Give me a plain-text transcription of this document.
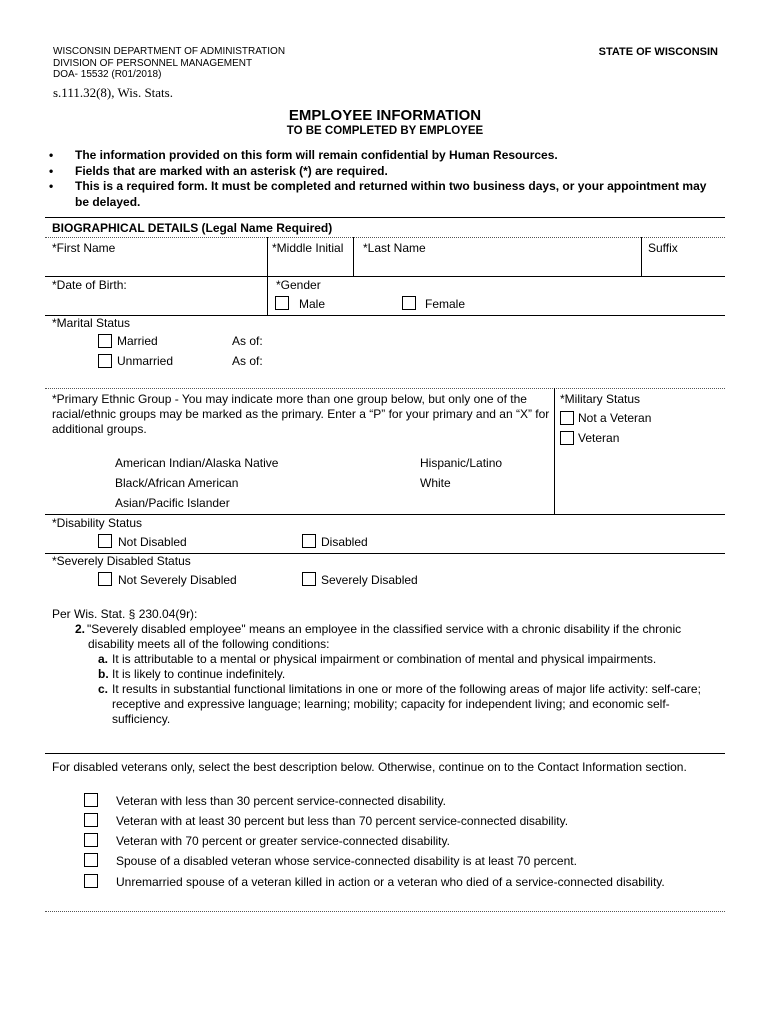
WISCONSIN DEPARTMENT OF ADMINISTRATION
DIVISION OF PERSONNEL MANAGEMENT
DOA- 15532 (R01/2018)
s.111.32(8), Wis. Stats.
STATE OF WISCONSIN
EMPLOYEE INFORMATION
TO BE COMPLETED BY EMPLOYEE
• The information provided on this form will remain confidential by Human Resources.
• Fields that are marked with an asterisk (*) are required.
• This is a required form. It must be completed and returned within two business days, or your appointment may be delayed.
BIOGRAPHICAL DETAILS (Legal Name Required)
*First Name	*Middle Initial *Last Name	Suffix
*Date of Birth:	*Gender
Male	Female
*Marital Status
Married	As of:
Unmarried	As of:
*Primary Ethnic Group - You may indicate more than one group below, but only one of the racial/ethnic groups may be marked as the primary. Enter a “P” for your primary and an “X” for additional groups.
*Military Status
Not a Veteran
Veteran
American Indian/Alaska Native
Black/African American
Asian/Pacific Islander
Hispanic/Latino
White
*Disability Status
Not Disabled	Disabled
*Severely Disabled Status
Not Severely Disabled	Severely Disabled
Per Wis. Stat. § 230.04(9r):
2. "Severely disabled employee" means an employee in the classified service with a chronic disability if the chronic disability meets all of the following conditions:
a. It is attributable to a mental or physical impairment or combination of mental and physical impairments.
b. It is likely to continue indefinitely.
c. It results in substantial functional limitations in one or more of the following areas of major life activity: self-care; receptive and expressive language; learning; mobility; capacity for independent living; and economic self-sufficiency.
For disabled veterans only, select the best description below. Otherwise, continue on to the Contact Information section.
Veteran with less than 30 percent service-connected disability.
Veteran with at least 30 percent but less than 70 percent service-connected disability.
Veteran with 70 percent or greater service-connected disability.
Spouse of a disabled veteran whose service-connected disability is at least 70 percent.
Unremarried spouse of a veteran killed in action or a veteran who died of a service-connected disability.
